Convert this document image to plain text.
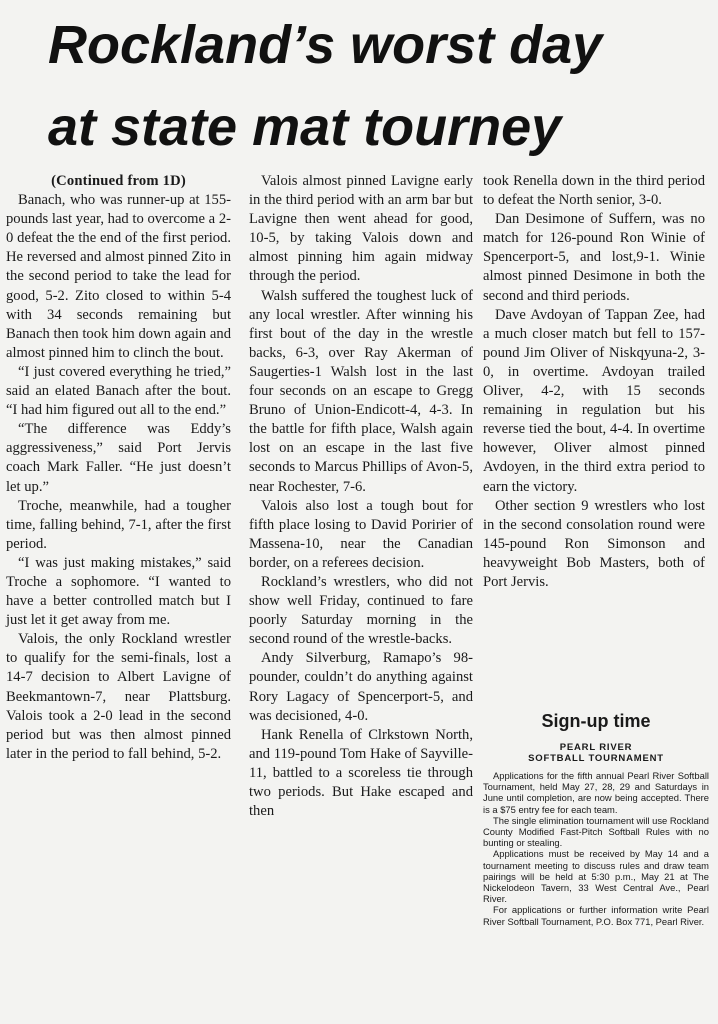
Rockland’s worst day
at state mat tourney

(Continued from 1D)

Banach, who was runner-up at 155-pounds last year, had to overcome a 2-0 defeat the the end of the first period. He reversed and almost pinned Zito in the second period to take the lead for good, 5-2. Zito closed to within 5-4 with 34 seconds remaining but Banach then took him down again and almost pinned him to clinch the bout.

“I just covered everything he tried,” said an elated Banach after the bout. “I had him figured out all to the end.”

“The difference was Eddy’s aggressiveness,” said Port Jervis coach Mark Faller. “He just doesn’t let up.”

Troche, meanwhile, had a tougher time, falling behind, 7-1, after the first period.

“I was just making mistakes,” said Troche a sophomore. “I wanted to have a better controlled match but I just let it get away from me.

Valois, the only Rockland wrestler to qualify for the semi-finals, lost a 14-7 decision to Albert Lavigne of Beekmantown-7, near Plattsburg. Valois took a 2-0 lead in the second period but was then almost pinned later in the period to fall behind, 5-2.

Valois almost pinned Lavigne early in the third period with an arm bar but Lavigne then went ahead for good, 10-5, by taking Valois down and almost pinning him again midway through the period.

Walsh suffered the toughest luck of any local wrestler. After winning his first bout of the day in the wrestle backs, 6-3, over Ray Akerman of Saugerties-1 Walsh lost in the last four seconds on an escape to Gregg Bruno of Union-Endicott-4, 4-3. In the battle for fifth place, Walsh again lost on an escape in the last five seconds to Marcus Phillips of Avon-5, near Rochester, 7-6.

Valois also lost a tough bout for fifth place losing to David Poririer of Massena-10, near the Canadian border, on a referees decision.

Rockland’s wrestlers, who did not show well Friday, continued to fare poorly Saturday morning in the second round of the wrestle-backs.

Andy Silverburg, Ramapo’s 98-pounder, couldn’t do anything against Rory Lagacy of Spencerport-5, and was decisioned, 4-0.

Hank Renella of Clrkstown North, and 119-pound Tom Hake of Sayville-11, battled to a scoreless tie through two periods. But Hake escaped and then

took Renella down in the third period to defeat the North senior, 3-0.

Dan Desimone of Suffern, was no match for 126-pound Ron Winie of Spencerport-5, and lost,9-1. Winie almost pinned Desimone in both the second and third periods.

Dave Avdoyan of Tappan Zee, had a much closer match but fell to 157-pound Jim Oliver of Niskqyuna-2, 3-0, in overtime. Avdoyan trailed Oliver, 4-2, with 15 seconds remaining in regulation but his reverse tied the bout, 4-4. In overtime however, Oliver almost pinned Avdoyen, in the third extra period to earn the victory.

Other section 9 wrestlers who lost in the second consolation round were 145-pound Ron Simonson and heavyweight Bob Masters, both of Port Jervis.

Sign-up time
PEARL RIVER
SOFTBALL TOURNAMENT

Applications for the fifth annual Pearl River Softball Tournament, held May 27, 28, 29 and Saturdays in June until completion, are now being accepted. There is a $75 entry fee for each team.

The single elimination tournament will use Rockland County Modified Fast-Pitch Softball Rules with no bunting or stealing.

Applications must be received by May 14 and a tournament meeting to discuss rules and draw team pairings will be held at 5:30 p.m., May 21 at The Nickelodeon Tavern, 33 West Central Ave., Pearl River.

For applications or further information write Pearl River Softball Tournament, P.O. Box 771, Pearl River.
